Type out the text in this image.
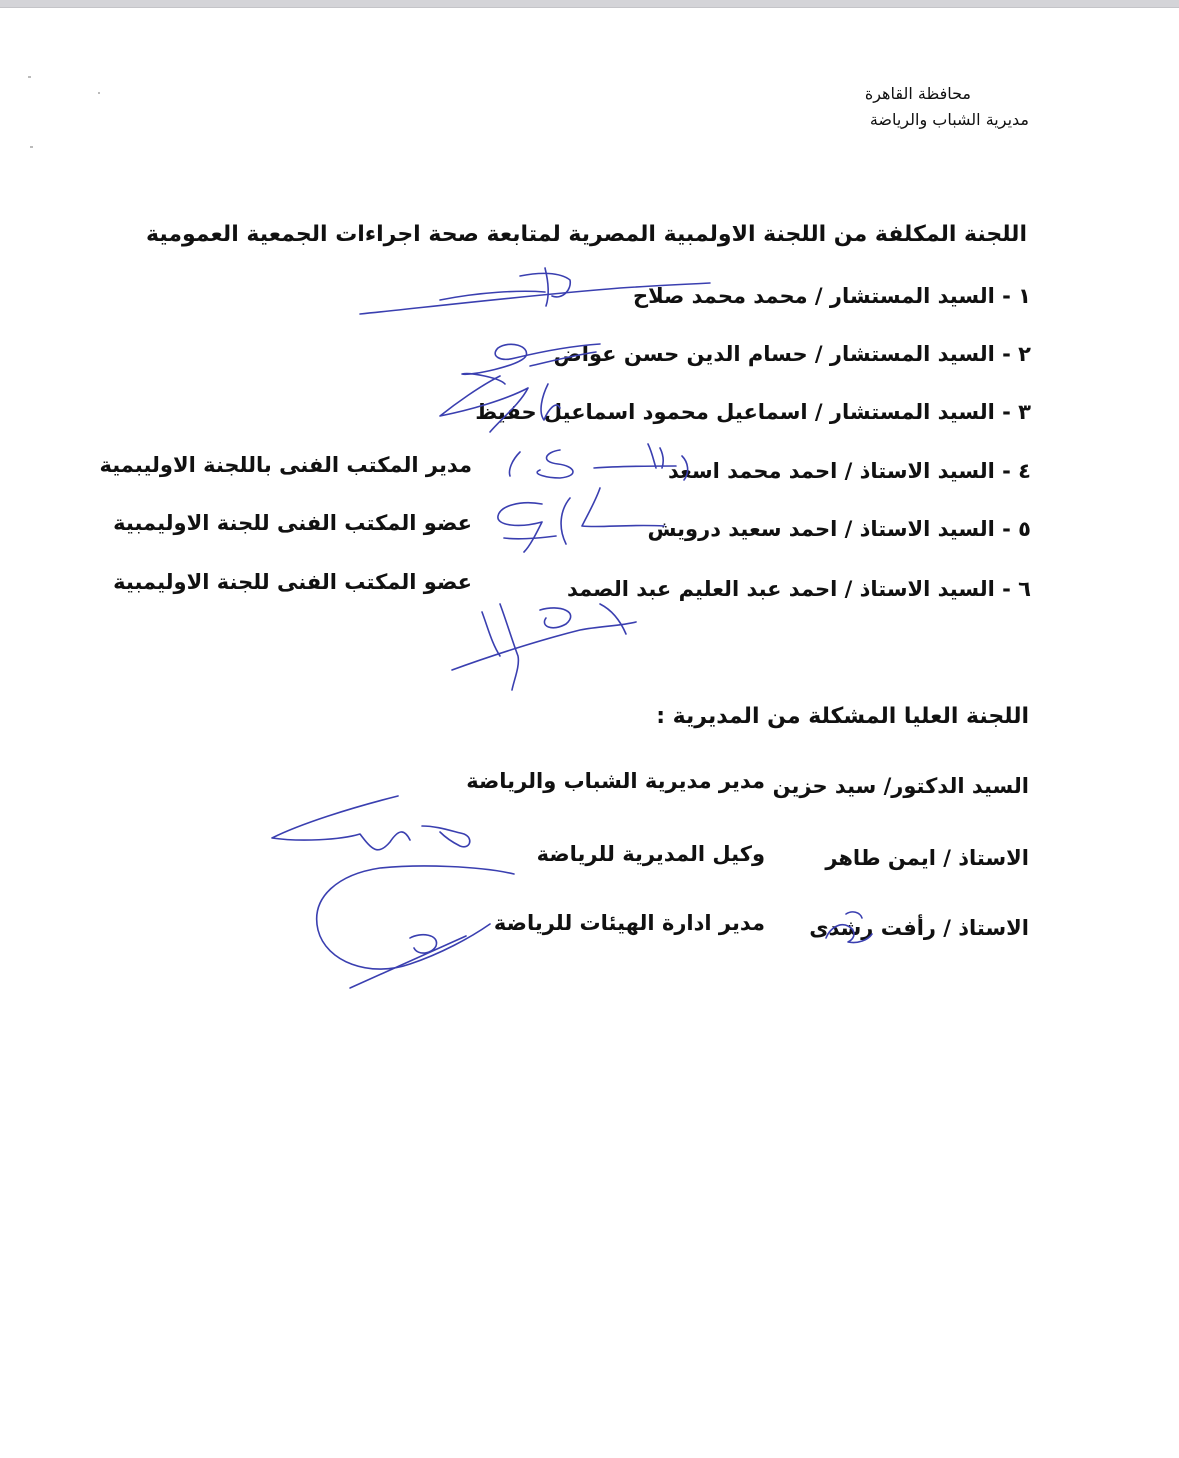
محافظة القاهرة
مديرية الشباب والرياضة
اللجنة المكلفة من اللجنة الاولمبية المصرية لمتابعة صحة اجراءات الجمعية العمومية
١ - السيد المستشار / محمد محمد صلاح
٢ - السيد المستشار / حسام الدين حسن عواض
٣ - السيد المستشار / اسماعيل محمود اسماعيل حفيظ
٤ - السيد الاستاذ / احمد محمد اسعد
مدير المكتب الفنى باللجنة الاوليبمية
٥ - السيد الاستاذ / احمد سعيد درويش
عضو المكتب الفنى للجنة الاوليمبية
٦ - السيد الاستاذ / احمد عبد العليم عبد الصمد
عضو المكتب الفنى للجنة الاوليمبية
اللجنة العليا المشكلة من المديرية :
السيد الدكتور/ سيد حزين
مدير مديرية الشباب والرياضة
الاستاذ / ايمن طاهر
وكيل المديرية للرياضة
الاستاذ / رأفت رشدى
مدير ادارة الهيئات للرياضة
